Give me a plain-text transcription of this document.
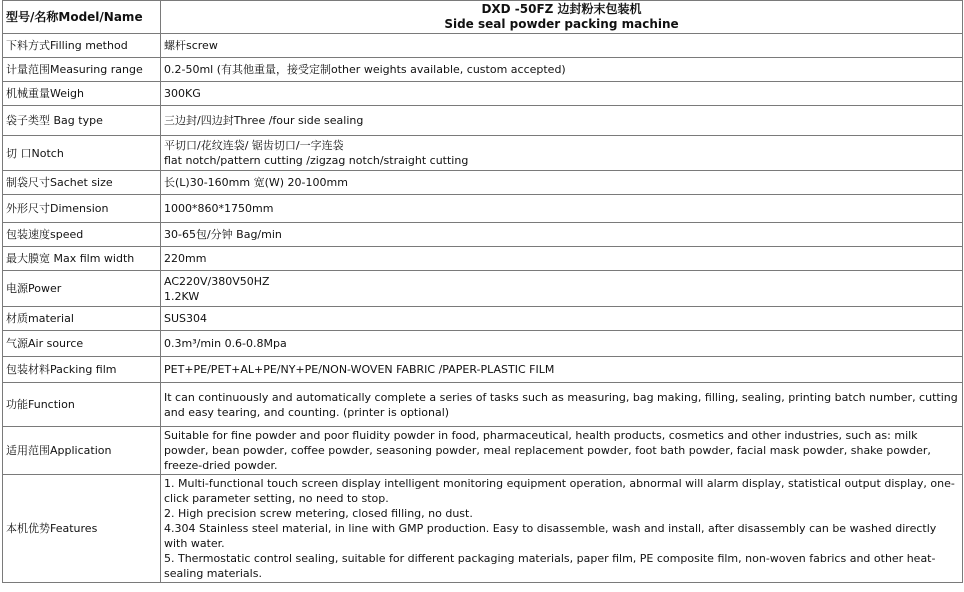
型号/名称Model/Name	DXD -50FZ 边封粉末包装机
Side seal powder packing machine

下料方式Filling method	螺杆screw
计量范围Measuring range	0.2-50ml (有其他重量，接受定制other weights available, custom accepted)
机械重量Weigh	300KG
袋子类型 Bag type	三边封/四边封Three /four side sealing
切 口Notch	平切口/花纹连袋/ 锯齿切口/一字连袋
flat notch/pattern cutting /zigzag notch/straight cutting

制袋尺寸Sachet size	长(L)30-160mm 宽(W) 20-100mm
外形尺寸Dimension	1000*860*1750mm
包装速度speed	30-65包/分钟 Bag/min
最大膜宽 Max film width	220mm
电源Power	AC220V/380V50HZ
1.2KW

材质material	SUS304
气源Air source	0.3m³/min 0.6-0.8Mpa
包装材料Packing film	PET+PE/PET+AL+PE/NY+PE/NON-WOVEN FABRIC /PAPER-PLASTIC FILM
功能Function	It can continuously and automatically complete a series of tasks such as measuring, bag making, filling, sealing, printing batch number, cutting and easy tearing, and counting. (printer is optional)
适用范围Application	Suitable for fine powder and poor fluidity powder in food, pharmaceutical, health products, cosmetics and other industries, such as: milk powder, bean powder, coffee powder, seasoning powder, meal replacement powder, foot bath powder, facial mask powder, shake powder, freeze-dried powder.
本机优势Features	1. Multi-functional touch screen display intelligent monitoring equipment operation, abnormal will alarm display, statistical output display, one-click parameter setting, no need to stop.
2. High precision screw metering, closed filling, no dust.
4.304 Stainless steel material, in line with GMP production. Easy to disassemble, wash and install, after disassembly can be washed directly with water.
5. Thermostatic control sealing, suitable for different packaging materials, paper film, PE composite film, non-woven fabrics and other heat-sealing materials.
